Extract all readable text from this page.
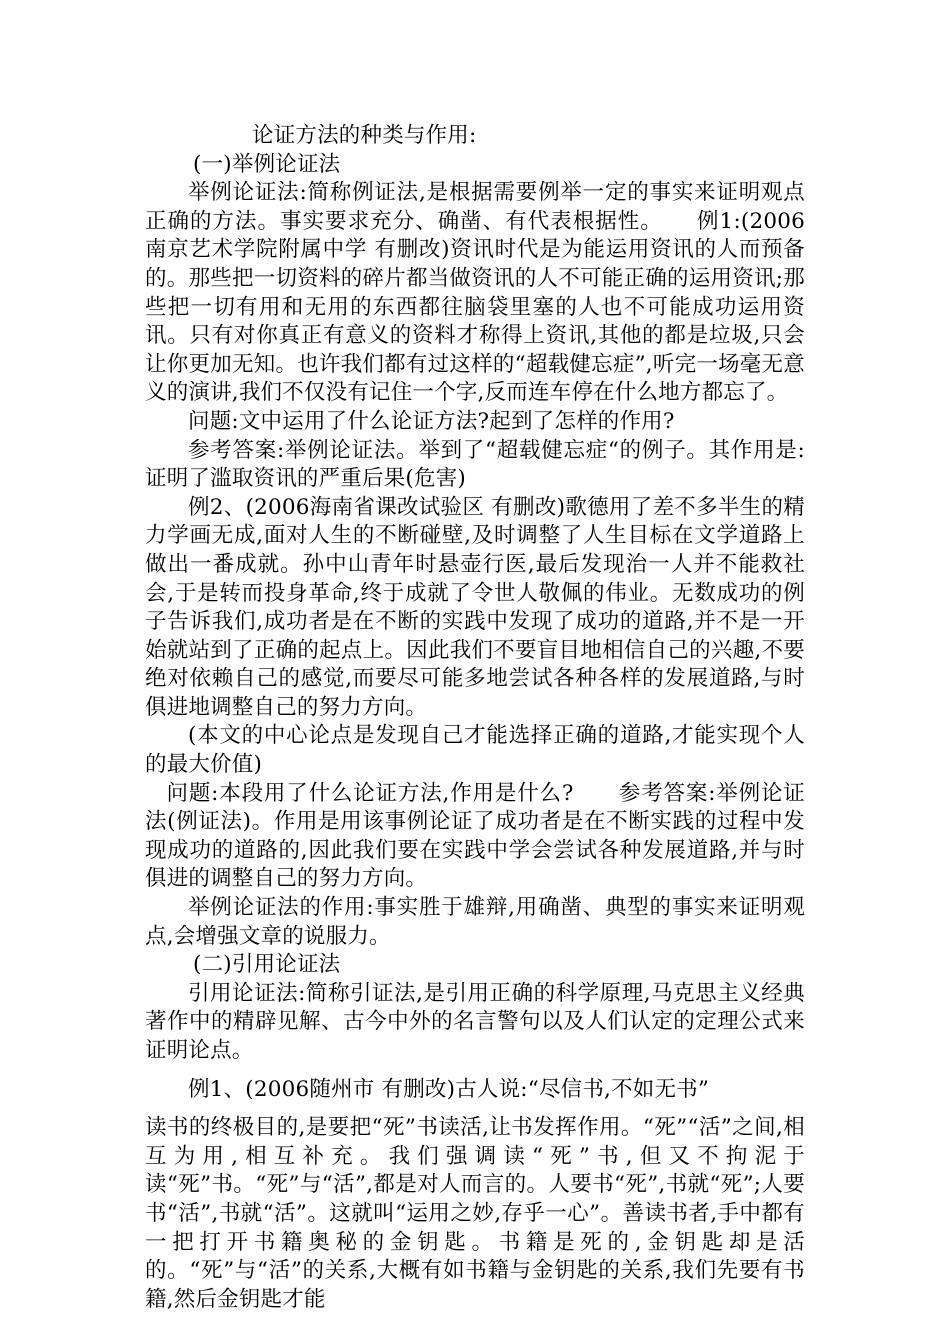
论证方法的种类与作用:

(一)举例论证法

举例论证法:简称例证法,是根据需要例举一定的事实来证明观点正确的方法。事实要求充分、确凿、有代表根据性。　　例1:(2006南京艺术学院附属中学 有删改)资讯时代是为能运用资讯的人而预备的。那些把一切资料的碎片都当做资讯的人不可能正确的运用资讯;那些把一切有用和无用的东西都往脑袋里塞的人也不可能成功运用资讯。只有对你真正有意义的资料才称得上资讯,其他的都是垃圾,只会让你更加无知。也许我们都有过这样的“超载健忘症”,听完一场毫无意义的演讲,我们不仅没有记住一个字,反而连车停在什么地方都忘了。

问题:文中运用了什么论证方法?起到了怎样的作用?

参考答案:举例论证法。举到了“超载健忘症“的例子。其作用是:证明了滥取资讯的严重后果(危害)

例2、(2006海南省课改试验区 有删改)歌德用了差不多半生的精力学画无成,面对人生的不断碰壁,及时调整了人生目标在文学道路上做出一番成就。孙中山青年时悬壶行医,最后发现治一人并不能救社会,于是转而投身革命,终于成就了令世人敬佩的伟业。无数成功的例子告诉我们,成功者是在不断的实践中发现了成功的道路,并不是一开始就站到了正确的起点上。因此我们不要盲目地相信自己的兴趣,不要绝对依赖自己的感觉,而要尽可能多地尝试各种各样的发展道路,与时俱进地调整自己的努力方向。

(本文的中心论点是发现自己才能选择正确的道路,才能实现个人的最大价值)

问题:本段用了什么论证方法,作用是什么?　　参考答案:举例论证法(例证法)。作用是用该事例论证了成功者是在不断实践的过程中发现成功的道路的,因此我们要在实践中学会尝试各种发展道路,并与时俱进的调整自己的努力方向。

举例论证法的作用:事实胜于雄辩,用确凿、典型的事实来证明观点,会增强文章的说服力。

(二)引用论证法

引用论证法:简称引证法,是引用正确的科学原理,马克思主义经典著作中的精辟见解、古今中外的名言警句以及人们认定的定理公式来证明论点。

例1、(2006随州市 有删改)古人说:“尽信书,不如无书”

读书的终极目的,是要把“死”书读活,让书发挥作用。“死”“活”之间,相互为用,相互补充。我们强调读“死”书,但又不拘泥于读“死”书。“死”与“活”,都是对人而言的。人要书“死”,书就“死”;人要书“活”,书就“活”。这就叫“运用之妙,存乎一心”。善读书者,手中都有一把打开书籍奥秘的金钥匙。书籍是死的,金钥匙却是活的。“死”与“活”的关系,大概有如书籍与金钥匙的关系,我们先要有书籍,然后金钥匙才能
